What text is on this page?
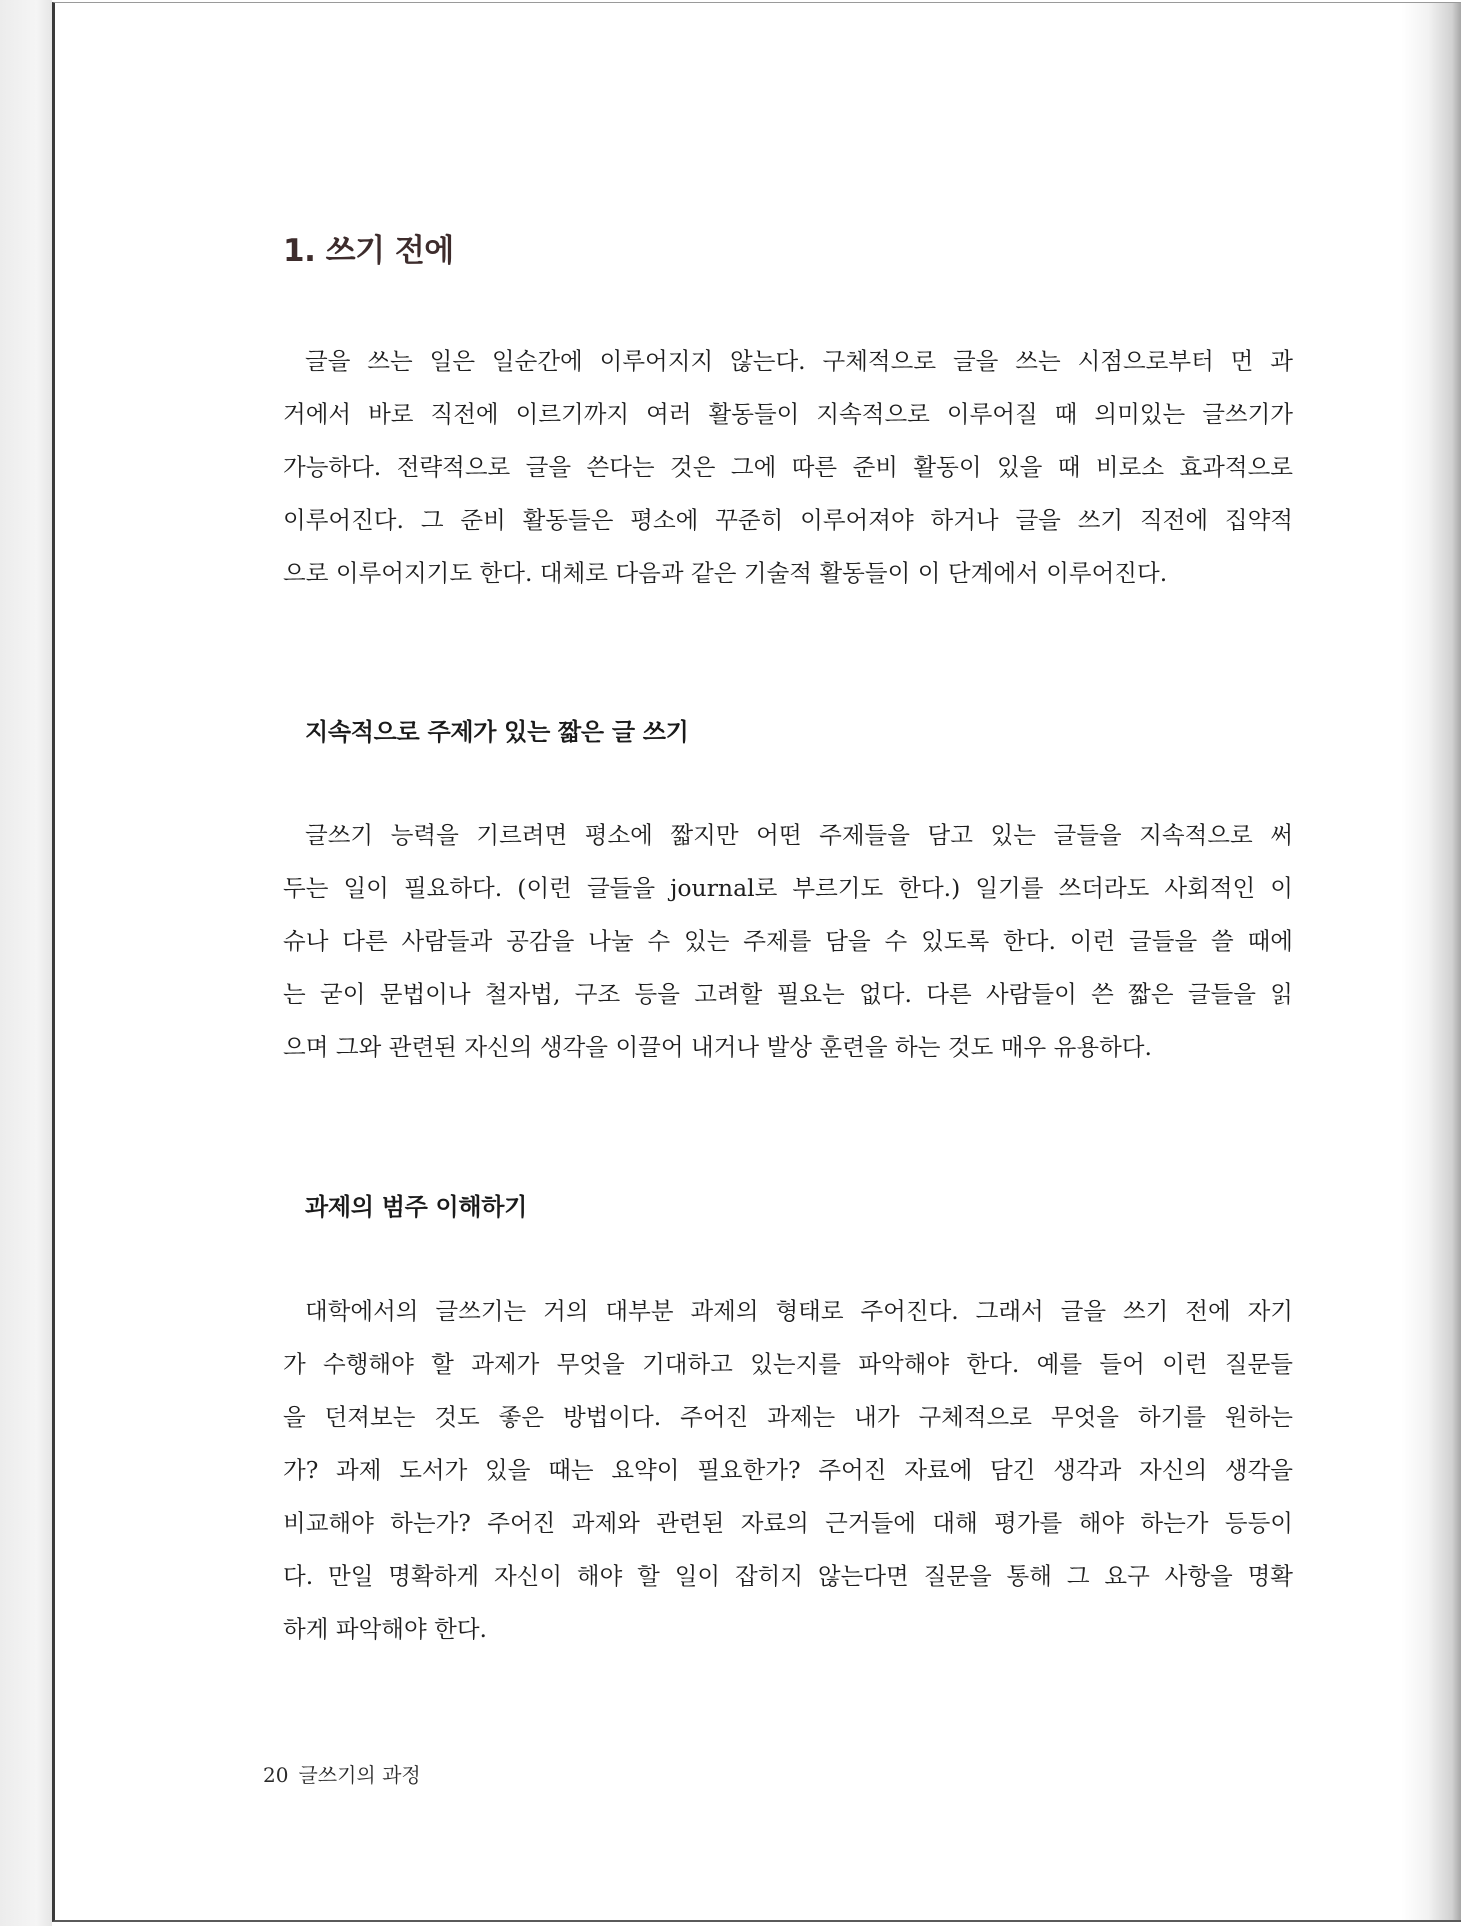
1. 쓰기 전에
글을 쓰는 일은 일순간에 이루어지지 않는다. 구체적으로 글을 쓰는 시점으로부터 먼 과
거에서 바로 직전에 이르기까지 여러 활동들이 지속적으로 이루어질 때 의미있는 글쓰기가
가능하다. 전략적으로 글을 쓴다는 것은 그에 따른 준비 활동이 있을 때 비로소 효과적으로
이루어진다. 그 준비 활동들은 평소에 꾸준히 이루어져야 하거나 글을 쓰기 직전에 집약적
으로 이루어지기도 한다. 대체로 다음과 같은 기술적 활동들이 이 단계에서 이루어진다.
지속적으로 주제가 있는 짧은 글 쓰기
글쓰기 능력을 기르려면 평소에 짧지만 어떤 주제들을 담고 있는 글들을 지속적으로 써
두는 일이 필요하다. (이런 글들을 journal로 부르기도 한다.) 일기를 쓰더라도 사회적인 이
슈나 다른 사람들과 공감을 나눌 수 있는 주제를 담을 수 있도록 한다. 이런 글들을 쓸 때에
는 굳이 문법이나 철자법, 구조 등을 고려할 필요는 없다. 다른 사람들이 쓴 짧은 글들을 읽
으며 그와 관련된 자신의 생각을 이끌어 내거나 발상 훈련을 하는 것도 매우 유용하다.
과제의 범주 이해하기
대학에서의 글쓰기는 거의 대부분 과제의 형태로 주어진다. 그래서 글을 쓰기 전에 자기
가 수행해야 할 과제가 무엇을 기대하고 있는지를 파악해야 한다. 예를 들어 이런 질문들
을 던져보는 것도 좋은 방법이다. 주어진 과제는 내가 구체적으로 무엇을 하기를 원하는
가? 과제 도서가 있을 때는 요약이 필요한가? 주어진 자료에 담긴 생각과 자신의 생각을
비교해야 하는가? 주어진 과제와 관련된 자료의 근거들에 대해 평가를 해야 하는가 등등이
다. 만일 명확하게 자신이 해야 할 일이 잡히지 않는다면 질문을 통해 그 요구 사항을 명확
하게 파악해야 한다.
20 글쓰기의 과정
